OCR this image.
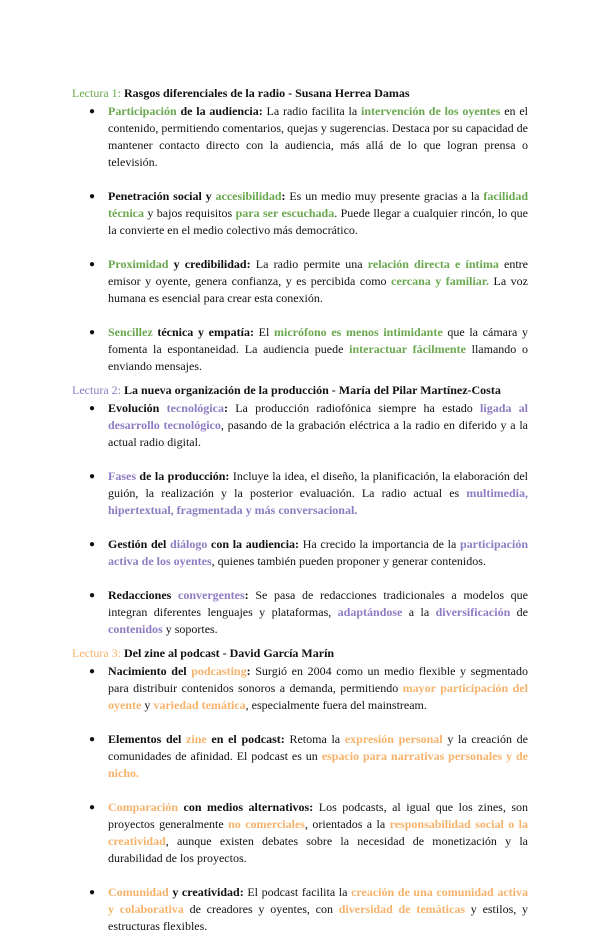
Lectura 1: Rasgos diferenciales de la radio - Susana Herrea Damas
● Participación de la audiencia: La radio facilita la intervención de los oyentes en el contenido, permitiendo comentarios, quejas y sugerencias. Destaca por su capacidad de mantener contacto directo con la audiencia, más allá de lo que logran prensa o televisión.
● Penetración social y accesibilidad: Es un medio muy presente gracias a la facilidad técnica y bajos requisitos para ser escuchada. Puede llegar a cualquier rincón, lo que la convierte en el medio colectivo más democrático.
● Proximidad y credibilidad: La radio permite una relación directa e íntima entre emisor y oyente, genera confianza, y es percibida como cercana y familiar. La voz humana es esencial para crear esta conexión.
● Sencillez técnica y empatía: El micrófono es menos intimidante que la cámara y fomenta la espontaneidad. La audiencia puede interactuar fácilmente llamando o enviando mensajes.
Lectura 2: La nueva organización de la producción - María del Pilar Martínez-Costa
● Evolución tecnológica: La producción radiofónica siempre ha estado ligada al desarrollo tecnológico, pasando de la grabación eléctrica a la radio en diferido y a la actual radio digital.
● Fases de la producción: Incluye la idea, el diseño, la planificación, la elaboración del guión, la realización y la posterior evaluación. La radio actual es multimedia, hipertextual, fragmentada y más conversacional.
● Gestión del diálogo con la audiencia: Ha crecido la importancia de la participación activa de los oyentes, quienes también pueden proponer y generar contenidos.
● Redacciones convergentes: Se pasa de redacciones tradicionales a modelos que integran diferentes lenguajes y plataformas, adaptándose a la diversificación de contenidos y soportes.
Lectura 3: Del zine al podcast - David García Marín
● Nacimiento del podcasting: Surgió en 2004 como un medio flexible y segmentado para distribuir contenidos sonoros a demanda, permitiendo mayor participación del oyente y variedad temática, especialmente fuera del mainstream.
● Elementos del zine en el podcast: Retoma la expresión personal y la creación de comunidades de afinidad. El podcast es un espacio para narrativas personales y de nicho.
● Comparación con medios alternativos: Los podcasts, al igual que los zines, son proyectos generalmente no comerciales, orientados a la responsabilidad social o la creatividad, aunque existen debates sobre la necesidad de monetización y la durabilidad de los proyectos.
● Comunidad y creatividad: El podcast facilita la creación de una comunidad activa y colaborativa de creadores y oyentes, con diversidad de temáticas y estilos, y estructuras flexibles.
